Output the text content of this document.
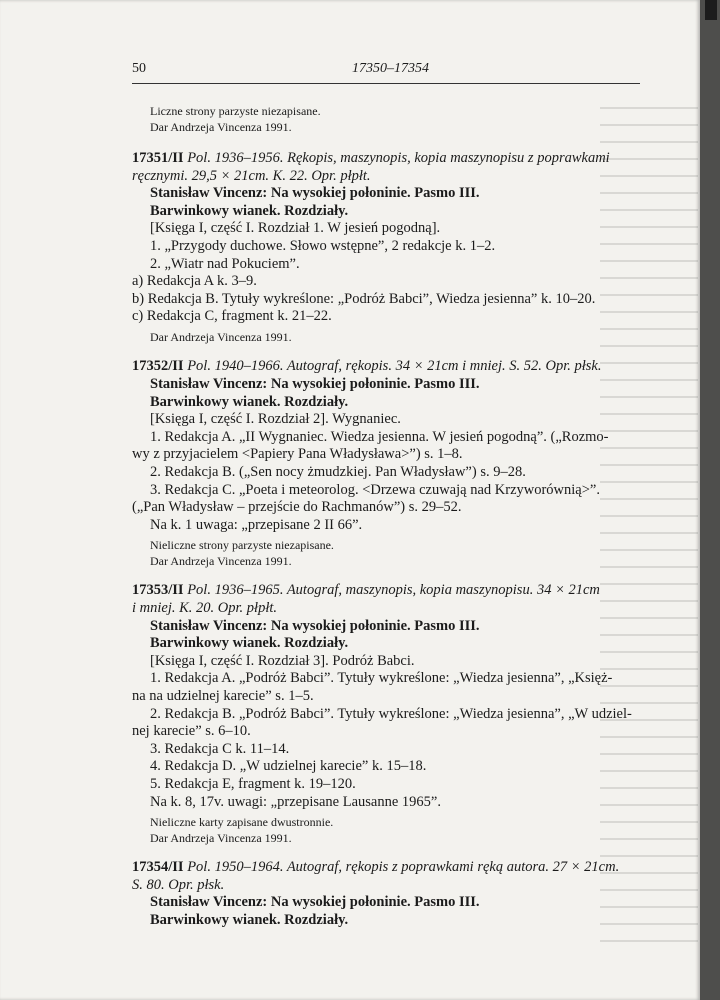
50	17350–17354
Liczne strony parzyste niezapisane.
Dar Andrzeja Vincenza 1991.
17351/II Pol. 1936–1956. Rękopis, maszynopis, kopia maszynopisu z poprawkami
ręcznymi. 29,5 × 21cm. K. 22. Opr. płpłt.
Stanisław Vincenz: Na wysokiej połoninie. Pasmo III.
Barwinkowy wianek. Rozdziały.
[Księga I, część I. Rozdział 1. W jesień pogodną].
1. „Przygody duchowe. Słowo wstępne”, 2 redakcje k. 1–2.
2. „Wiatr nad Pokuciem”.
a) Redakcja A k. 3–9.
b) Redakcja B. Tytuły wykreślone: „Podróż Babci”, Wiedza jesienna” k. 10–20.
c) Redakcja C, fragment k. 21–22.
Dar Andrzeja Vincenza 1991.
17352/II Pol. 1940–1966. Autograf, rękopis. 34 × 21cm i mniej. S. 52. Opr. płsk.
Stanisław Vincenz: Na wysokiej połoninie. Pasmo III.
Barwinkowy wianek. Rozdziały.
[Księga I, część I. Rozdział 2]. Wygnaniec.
1. Redakcja A. „II Wygnaniec. Wiedza jesienna. W jesień pogodną”. („Rozmo-
wy z przyjacielem <Papiery Pana Władysława>”) s. 1–8.
2. Redakcja B. („Sen nocy żmudzkiej. Pan Władysław”) s. 9–28.
3. Redakcja C. „Poeta i meteorolog. <Drzewa czuwają nad Krzyworównią>”.
(„Pan Władysław – przejście do Rachmanów”) s. 29–52.
Na k. 1 uwaga: „przepisane 2 II 66”.
Nieliczne strony parzyste niezapisane.
Dar Andrzeja Vincenza 1991.
17353/II Pol. 1936–1965. Autograf, maszynopis, kopia maszynopisu. 34 × 21cm
i mniej. K. 20. Opr. płpłt.
Stanisław Vincenz: Na wysokiej połoninie. Pasmo III.
Barwinkowy wianek. Rozdziały.
[Księga I, część I. Rozdział 3]. Podróż Babci.
1. Redakcja A. „Podróż Babci”. Tytuły wykreślone: „Wiedza jesienna”, „Księż-
na na udzielnej karecie” s. 1–5.
2. Redakcja B. „Podróż Babci”. Tytuły wykreślone: „Wiedza jesienna”, „W udziel-
nej karecie” s. 6–10.
3. Redakcja C k. 11–14.
4. Redakcja D. „W udzielnej karecie” k. 15–18.
5. Redakcja E, fragment k. 19–120.
Na k. 8, 17v. uwagi: „przepisane Lausanne 1965”.
Nieliczne karty zapisane dwustronnie.
Dar Andrzeja Vincenza 1991.
17354/II Pol. 1950–1964. Autograf, rękopis z poprawkami ręką autora. 27 × 21cm.
S. 80. Opr. płsk.
Stanisław Vincenz: Na wysokiej połoninie. Pasmo III.
Barwinkowy wianek. Rozdziały.
